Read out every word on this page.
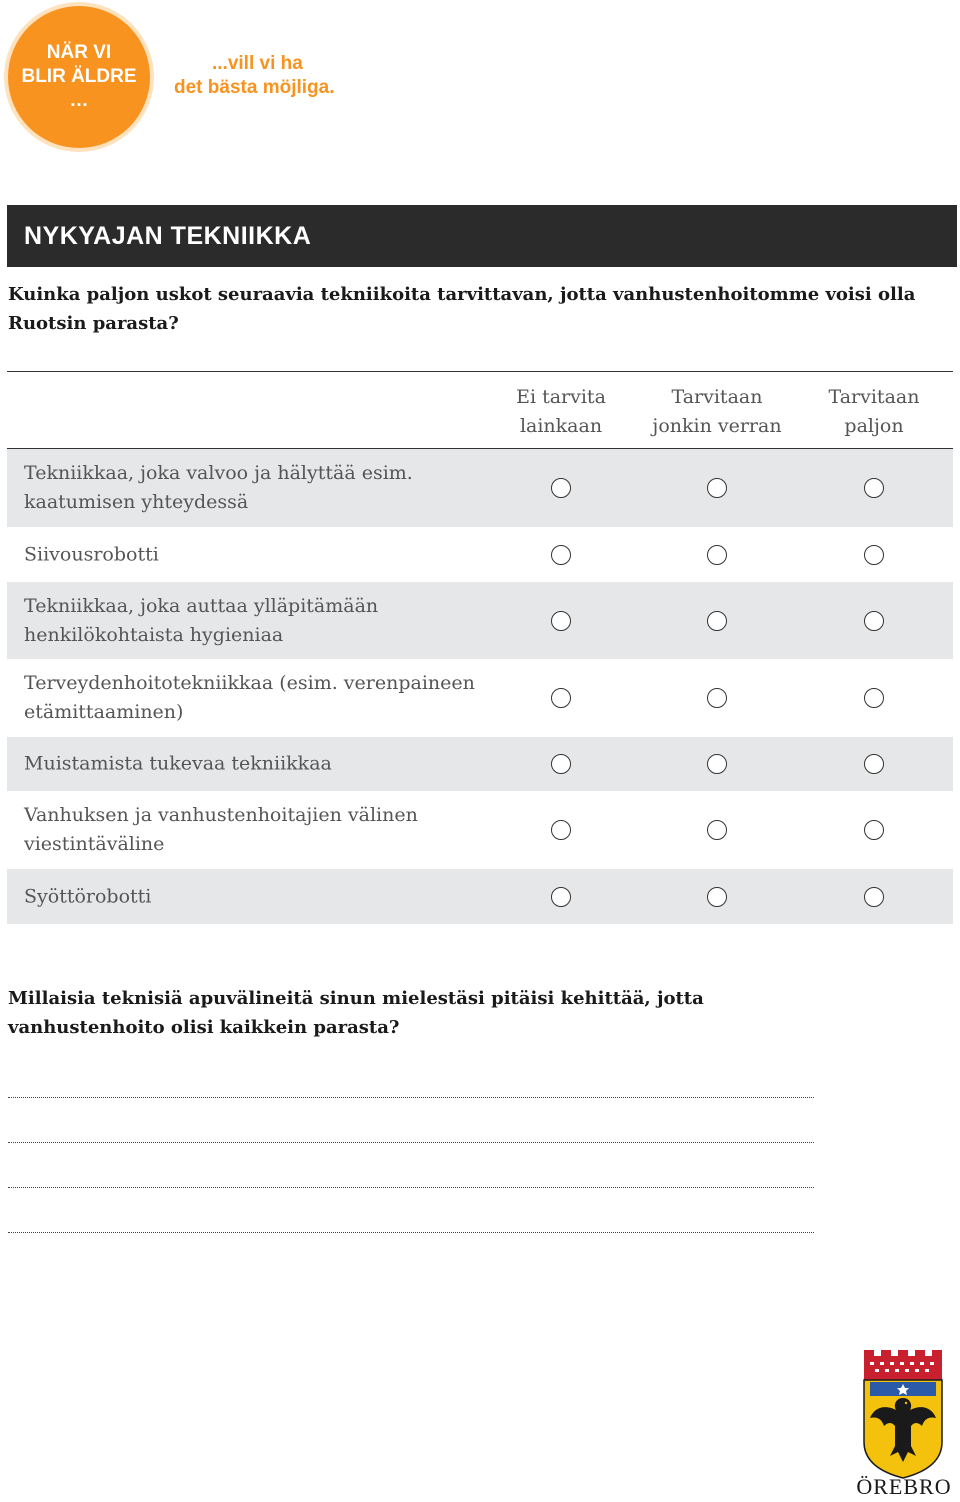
NÄR VI
BLIR ÄLDRE
…
...vill vi ha
det bästa möjliga.
NYKYAJAN TEKNIIKKA
Kuinka paljon uskot seuraavia tekniikoita tarvittavan, jotta vanhustenhoitomme voisi olla Ruotsin parasta?
Ei tarvita
lainkaan
Tarvitaan
jonkin verran
Tarvitaan
paljon
Tekniikkaa, joka valvoo ja hälyttää esim.
kaatumisen yhteydessä
Siivousrobotti
Tekniikkaa, joka auttaa ylläpitämään
henkilökohtaista hygieniaa
Terveydenhoitotekniikkaa (esim. verenpaineen
etämittaaminen)
Muistamista tukevaa tekniikkaa
Vanhuksen ja vanhustenhoitajien välinen
viestintäväline
Syöttörobotti
Millaisia teknisiä apuvälineitä sinun mielestäsi pitäisi kehittää, jotta vanhustenhoito olisi kaikkein parasta?
ÖREBRO
